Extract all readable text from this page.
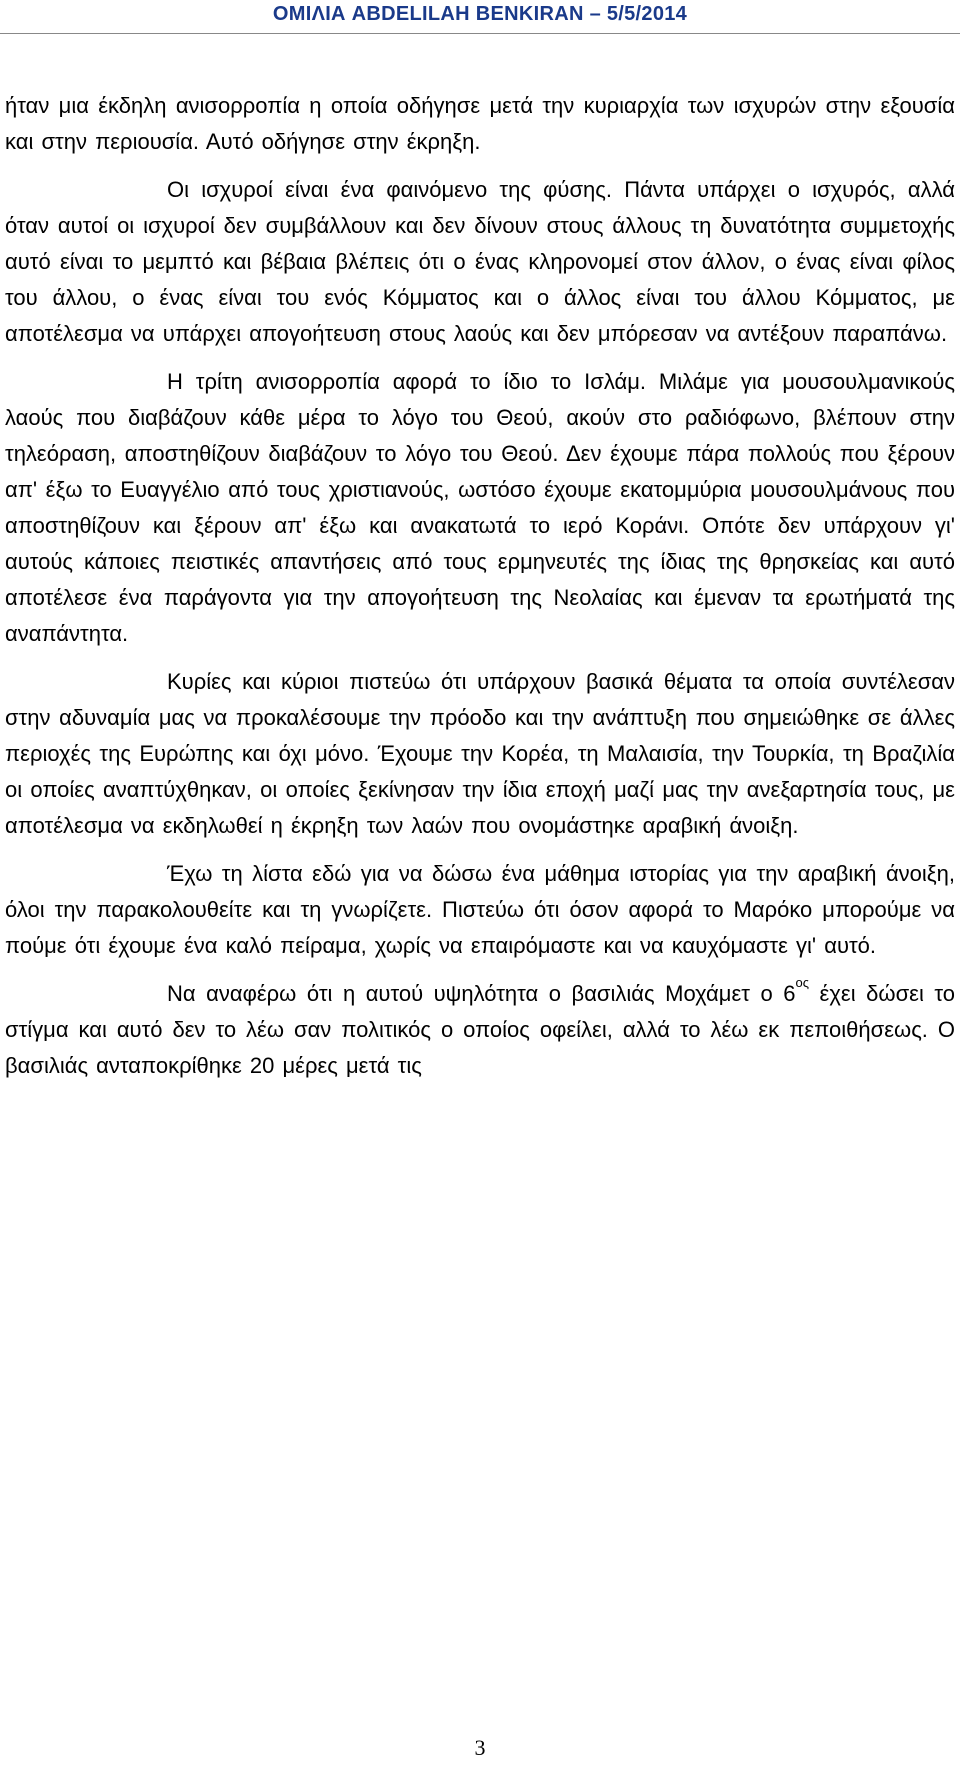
ΟΜΙΛΙΑ ABDELILAH BENKIRAN – 5/5/2014

ήταν μια έκδηλη ανισορροπία η οποία οδήγησε μετά την κυριαρχία των ισχυρών στην εξουσία και στην περιουσία. Αυτό οδήγησε στην έκρηξη.

Οι ισχυροί είναι ένα φαινόμενο της φύσης. Πάντα υπάρχει ο ισχυρός, αλλά όταν αυτοί οι ισχυροί δεν συμβάλλουν και δεν δίνουν στους άλλους τη δυνατότητα συμμετοχής αυτό είναι το μεμπτό και βέβαια βλέπεις ότι ο ένας κληρονομεί στον άλλον, ο ένας είναι φίλος του άλλου, ο ένας είναι του ενός Κόμματος και ο άλλος είναι του άλλου Κόμματος, με αποτέλεσμα να υπάρχει απογοήτευση στους λαούς και δεν μπόρεσαν να αντέξουν παραπάνω.

Η τρίτη ανισορροπία αφορά το ίδιο το Ισλάμ. Μιλάμε για μουσουλμανικούς λαούς που διαβάζουν κάθε μέρα το λόγο του Θεού, ακούν στο ραδιόφωνο, βλέπουν στην τηλεόραση, αποστηθίζουν διαβάζουν το λόγο του Θεού. Δεν έχουμε πάρα πολλούς που ξέρουν απ' έξω το Ευαγγέλιο από τους χριστιανούς, ωστόσο έχουμε εκατομμύρια μουσουλμάνους που αποστηθίζουν και ξέρουν απ' έξω και ανακατωτά το ιερό Κοράνι. Οπότε δεν υπάρχουν γι' αυτούς κάποιες πειστικές απαντήσεις από τους ερμηνευτές της ίδιας της θρησκείας και αυτό αποτέλεσε ένα παράγοντα για την απογοήτευση της Νεολαίας και έμεναν τα ερωτήματά της αναπάντητα.

Κυρίες και κύριοι πιστεύω ότι υπάρχουν βασικά θέματα τα οποία συντέλεσαν στην αδυναμία μας να προκαλέσουμε την πρόοδο και την ανάπτυξη που σημειώθηκε σε άλλες περιοχές της Ευρώπης και όχι μόνο. Έχουμε την Κορέα, τη Μαλαισία, την Τουρκία, τη Βραζιλία οι οποίες αναπτύχθηκαν, οι οποίες ξεκίνησαν την ίδια εποχή μαζί μας την ανεξαρτησία τους, με αποτέλεσμα να εκδηλωθεί η έκρηξη των λαών που ονομάστηκε αραβική άνοιξη.

Έχω τη λίστα εδώ για να δώσω ένα μάθημα ιστορίας για την αραβική άνοιξη, όλοι την παρακολουθείτε και τη γνωρίζετε. Πιστεύω ότι όσον αφορά το Μαρόκο μπορούμε να πούμε ότι έχουμε ένα καλό πείραμα, χωρίς να επαιρόμαστε και να καυχόμαστε γι' αυτό.

Να αναφέρω ότι η αυτού υψηλότητα ο βασιλιάς Μοχάμετ ο $6^{o\varsigma}$ έχει δώσει το στίγμα και αυτό δεν το λέω σαν πολιτικός ο οποίος οφείλει, αλλά το λέω εκ πεποιθήσεως. Ο βασιλιάς ανταποκρίθηκε 20 μέρες μετά τις

3
